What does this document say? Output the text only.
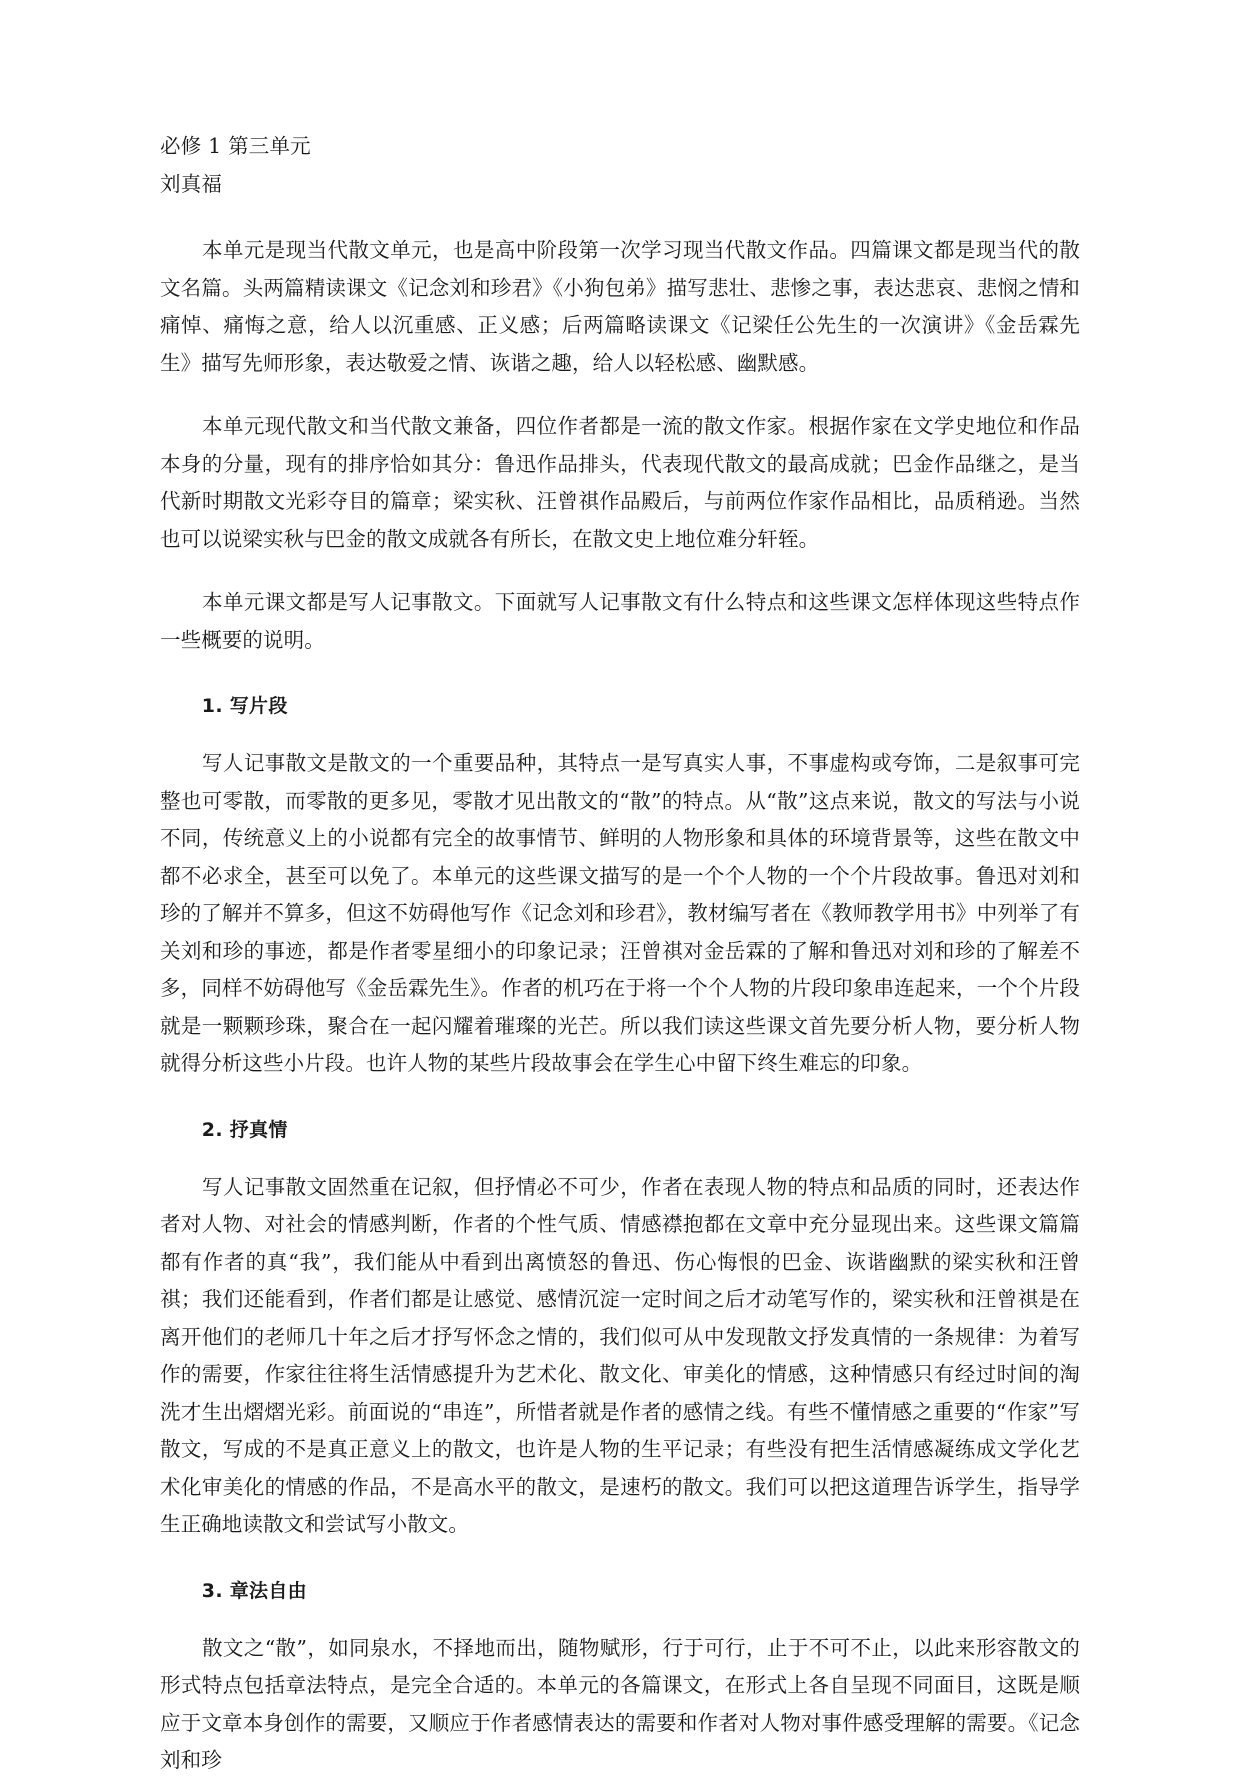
必修 1 第三单元
刘真福

本单元是现当代散文单元，也是高中阶段第一次学习现当代散文作品。四篇课文都是现当代的散文名篇。头两篇精读课文《记念刘和珍君》《小狗包弟》描写悲壮、悲惨之事，表达悲哀、悲悯之情和痛悼、痛悔之意，给人以沉重感、正义感；后两篇略读课文《记梁任公先生的一次演讲》《金岳霖先生》描写先师形象，表达敬爱之情、诙谐之趣，给人以轻松感、幽默感。

本单元现代散文和当代散文兼备，四位作者都是一流的散文作家。根据作家在文学史地位和作品本身的分量，现有的排序恰如其分：鲁迅作品排头，代表现代散文的最高成就；巴金作品继之，是当代新时期散文光彩夺目的篇章；梁实秋、汪曾祺作品殿后，与前两位作家作品相比，品质稍逊。当然也可以说梁实秋与巴金的散文成就各有所长，在散文史上地位难分轩轾。

本单元课文都是写人记事散文。下面就写人记事散文有什么特点和这些课文怎样体现这些特点作一些概要的说明。

1. 写片段

写人记事散文是散文的一个重要品种，其特点一是写真实人事，不事虚构或夸饰，二是叙事可完整也可零散，而零散的更多见，零散才见出散文的“散”的特点。从“散”这点来说，散文的写法与小说不同，传统意义上的小说都有完全的故事情节、鲜明的人物形象和具体的环境背景等，这些在散文中都不必求全，甚至可以免了。本单元的这些课文描写的是一个个人物的一个个片段故事。鲁迅对刘和珍的了解并不算多，但这不妨碍他写作《记念刘和珍君》，教材编写者在《教师教学用书》中列举了有关刘和珍的事迹，都是作者零星细小的印象记录；汪曾祺对金岳霖的了解和鲁迅对刘和珍的了解差不多，同样不妨碍他写《金岳霖先生》。作者的机巧在于将一个个人物的片段印象串连起来，一个个片段就是一颗颗珍珠，聚合在一起闪耀着璀璨的光芒。所以我们读这些课文首先要分析人物，要分析人物就得分析这些小片段。也许人物的某些片段故事会在学生心中留下终生难忘的印象。

2. 抒真情

写人记事散文固然重在记叙，但抒情必不可少，作者在表现人物的特点和品质的同时，还表达作者对人物、对社会的情感判断，作者的个性气质、情感襟抱都在文章中充分显现出来。这些课文篇篇都有作者的真“我”，我们能从中看到出离愤怒的鲁迅、伤心悔恨的巴金、诙谐幽默的梁实秋和汪曾祺；我们还能看到，作者们都是让感觉、感情沉淀一定时间之后才动笔写作的，梁实秋和汪曾祺是在离开他们的老师几十年之后才抒写怀念之情的，我们似可从中发现散文抒发真情的一条规律：为着写作的需要，作家往往将生活情感提升为艺术化、散文化、审美化的情感，这种情感只有经过时间的淘洗才生出熠熠光彩。前面说的“串连”，所惜者就是作者的感情之线。有些不懂情感之重要的“作家”写散文，写成的不是真正意义上的散文，也许是人物的生平记录；有些没有把生活情感凝练成文学化艺术化审美化的情感的作品，不是高水平的散文，是速朽的散文。我们可以把这道理告诉学生，指导学生正确地读散文和尝试写小散文。

3. 章法自由

散文之“散”，如同泉水，不择地而出，随物赋形，行于可行，止于不可不止，以此来形容散文的形式特点包括章法特点，是完全合适的。本单元的各篇课文，在形式上各自呈现不同面目，这既是顺应于文章本身创作的需要，又顺应于作者感情表达的需要和作者对人物对事件感受理解的需要。《记念刘和珍
